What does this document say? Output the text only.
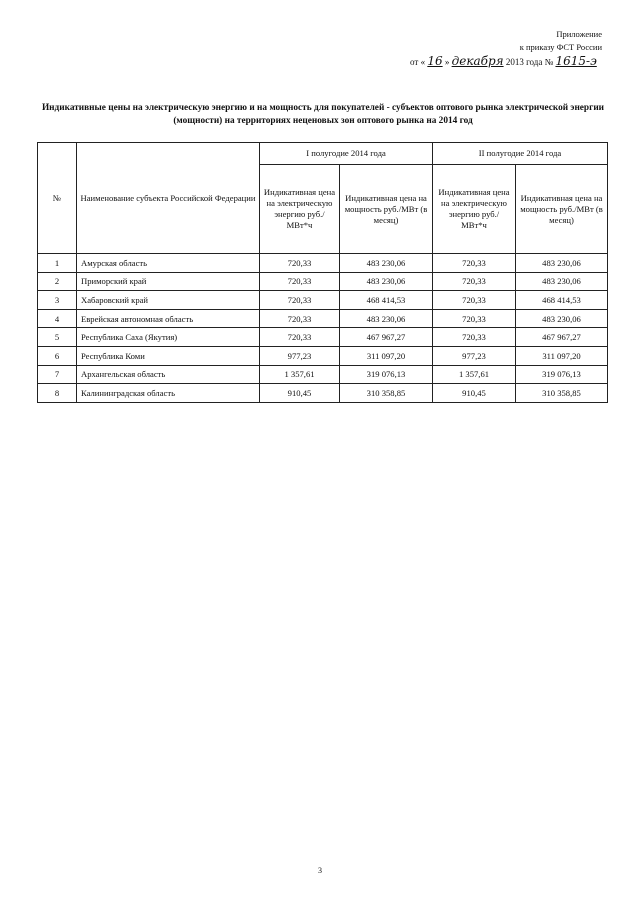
Приложение
к приказу ФСТ России
от « 16 » декабря 2013 года № 1615-э
Индикативные цены на электрическую энергию и на мощность для покупателей - субъектов оптового рынка электрической энергии (мощности) на территориях неценовых зон оптового рынка на 2014 год
№	Наименование субъекта Российской Федерации	I полугодие 2014 года		II полугодие 2014 года	
		Индикативная цена на электрическую энергию руб./МВт*ч	Индикативная цена на мощность руб./МВт (в месяц)	Индикативная цена на электрическую энергию руб./МВт*ч	Индикативная цена на мощность руб./МВт (в месяц)
1	Амурская область	720,33	483 230,06	720,33	483 230,06
2	Приморский край	720,33	483 230,06	720,33	483 230,06
3	Хабаровский край	720,33	468 414,53	720,33	468 414,53
4	Еврейская автономная область	720,33	483 230,06	720,33	483 230,06
5	Республика Саха (Якутия)	720,33	467 967,27	720,33	467 967,27
6	Республика Коми	977,23	311 097,20	977,23	311 097,20
7	Архангельская область	1 357,61	319 076,13	1 357,61	319 076,13
8	Калининградская область	910,45	310 358,85	910,45	310 358,85
3
